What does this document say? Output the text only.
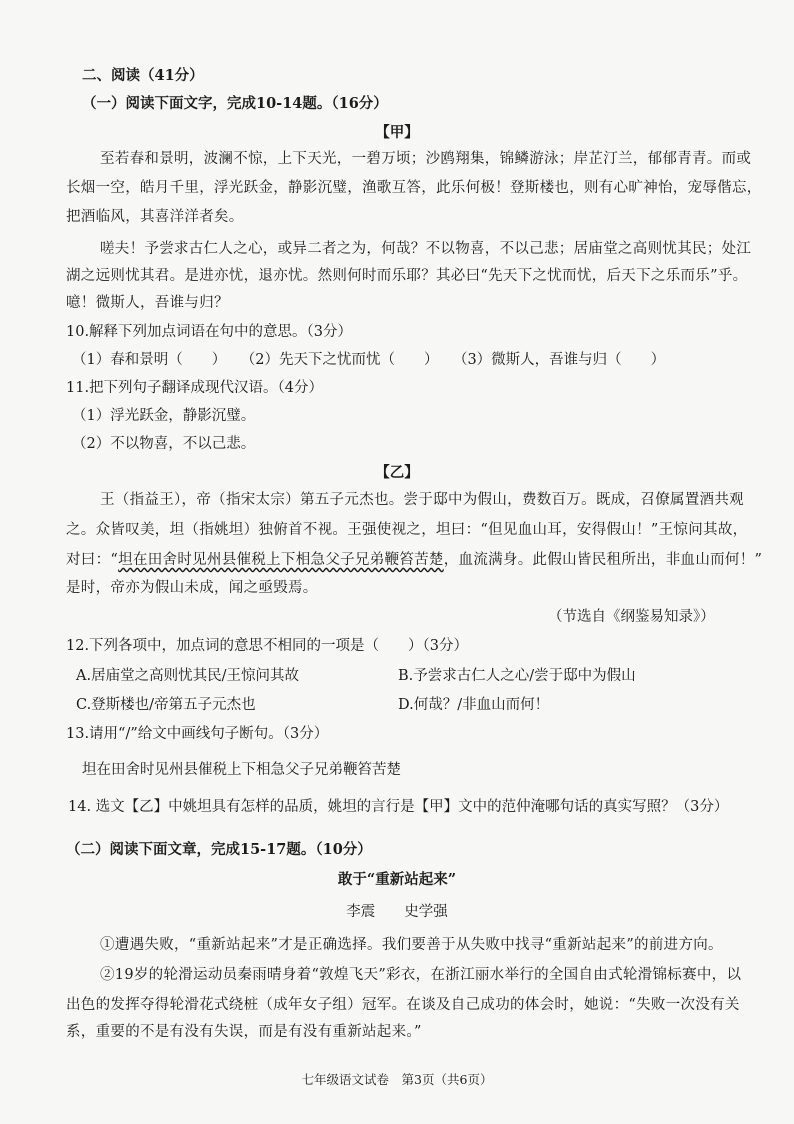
二、阅读（41分）
（一）阅读下面文字，完成10-14题。（16分）
【甲】
至若春和景明，波澜不惊，上下天光，一碧万顷；沙鸥翔集，锦鳞游泳；岸芷汀兰，郁郁青青。而或
长烟一空，皓月千里，浮光跃金，静影沉璧，渔歌互答，此乐何极！登斯楼也，则有心旷神怡，宠辱偕忘，
把酒临风，其喜洋洋者矣。
嗟夫！予尝求古仁人之心，或异二者之为，何哉？不以物喜，不以己悲；居庙堂之高则忧其民；处江
湖之远则忧其君。是进亦忧，退亦忧。然则何时而乐耶？其必曰“先天下之忧而忧，后天下之乐而乐”乎。
噫！微斯人，吾谁与归？
10.解释下列加点词语在句中的意思。（3分）
（1）春和景明（　　）　　（2）先天下之忧而忧（　　）　　（3）微斯人，吾谁与归（　　）
11.把下列句子翻译成现代汉语。（4分）
（1）浮光跃金，静影沉璧。
（2）不以物喜，不以己悲。
【乙】
王（指益王），帝（指宋太宗）第五子元杰也。尝于邸中为假山，费数百万。既成，召僚属置酒共观
之。众皆叹美，坦（指姚坦）独俯首不视。王强使视之，坦曰：“但见血山耳，安得假山！”王惊问其故，
对曰：“坦在田舍时见州县催税上下相急父子兄弟鞭笞苦楚，血流满身。此假山皆民租所出，非血山而何！”
是时，帝亦为假山未成，闻之亟毁焉。
（节选自《纲鉴易知录》）
12.下列各项中，加点词的意思不相同的一项是（　　）（3分）
A.居庙堂之高则忧其民/王惊问其故	B.予尝求古仁人之心/尝于邸中为假山
C.登斯楼也/帝第五子元杰也	D.何哉？/非血山而何！
13.请用“/”给文中画线句子断句。（3分）
坦在田舍时见州县催税上下相急父子兄弟鞭笞苦楚
14. 选文【乙】中姚坦具有怎样的品质，姚坦的言行是【甲】文中的范仲淹哪句话的真实写照？（3分）
（二）阅读下面文章，完成15-17题。（10分）
敢于“重新站起来”
李震　　史学强
①遭遇失败，“重新站起来”才是正确选择。我们要善于从失败中找寻“重新站起来”的前进方向。
②19岁的轮滑运动员秦雨晴身着“敦煌飞天”彩衣，在浙江丽水举行的全国自由式轮滑锦标赛中，以
出色的发挥夺得轮滑花式绕桩（成年女子组）冠军。在谈及自己成功的体会时，她说：“失败一次没有关
系，重要的不是有没有失误，而是有没有重新站起来。”
七年级语文试卷　第3页（共6页）
